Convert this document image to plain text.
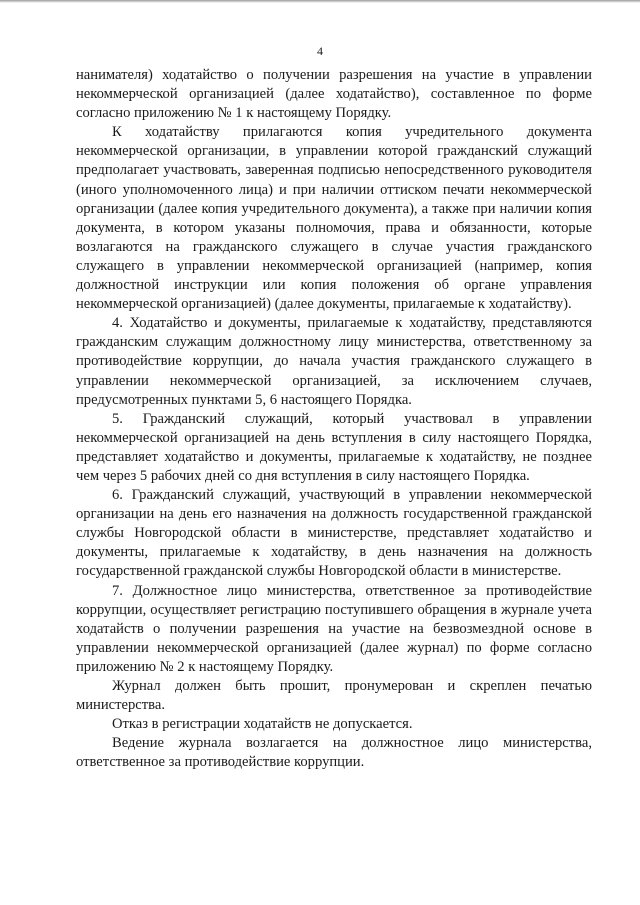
4

нанимателя) ходатайство о получении разрешения на участие в управлении некоммерческой организацией (далее ходатайство), составленное по форме согласно приложению № 1 к настоящему Порядку.

К ходатайству прилагаются копия учредительного документа некоммерческой организации, в управлении которой гражданский служащий предполагает участвовать, заверенная подписью непосредственного руководителя (иного уполномоченного лица) и при наличии оттиском печати некоммерческой организации (далее копия учредительного документа), а также при наличии копия документа, в котором указаны полномочия, права и обязанности, которые возлагаются на гражданского служащего в случае участия гражданского служащего в управлении некоммерческой организацией (например, копия должностной инструкции или копия положения об органе управления некоммерческой организацией) (далее документы, прилагаемые к ходатайству).

4. Ходатайство и документы, прилагаемые к ходатайству, представляются гражданским служащим должностному лицу министерства, ответственному за противодействие коррупции, до начала участия гражданского служащего в управлении некоммерческой организацией, за исключением случаев, предусмотренных пунктами 5, 6 настоящего Порядка.

5. Гражданский служащий, который участвовал в управлении некоммерческой организацией на день вступления в силу настоящего Порядка, представляет ходатайство и документы, прилагаемые к ходатайству, не позднее чем через 5 рабочих дней со дня вступления в силу настоящего Порядка.

6. Гражданский служащий, участвующий в управлении некоммерческой организации на день его назначения на должность государственной гражданской службы Новгородской области в министерстве, представляет ходатайство и документы, прилагаемые к ходатайству, в день назначения на должность государственной гражданской службы Новгородской области в министерстве.

7. Должностное лицо министерства, ответственное за противодействие коррупции, осуществляет регистрацию поступившего обращения в журнале учета ходатайств о получении разрешения на участие на безвозмездной основе в управлении некоммерческой организацией (далее журнал) по форме согласно приложению № 2 к настоящему Порядку.

Журнал должен быть прошит, пронумерован и скреплен печатью министерства.

Отказ в регистрации ходатайств не допускается.

Ведение журнала возлагается на должностное лицо министерства, ответственное за противодействие коррупции.
